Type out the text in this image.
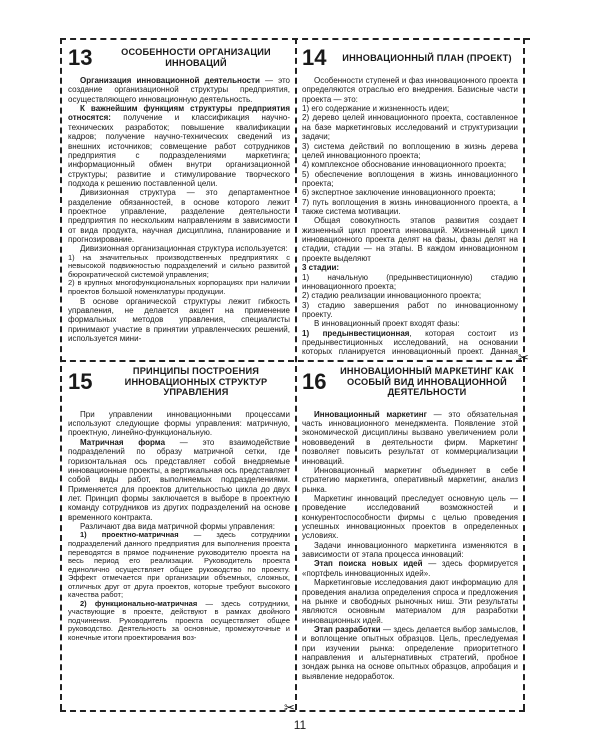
✂
✂
13	ОСОБЕННОСТИ ОРГАНИЗАЦИИ ИННОВАЦИЙ

Организация инновационной деятельности — это создание организационной структуры предприятия, осуществляющего инновационную деятельность.

К важнейшим функциям структуры предприятия относятся: получение и классификация научно-технических разработок; повышение квалификации кадров; получение научно-технических сведений из внешних источников; совмещение работ сотрудников предприятия с подразделениями маркетинга; информационный обмен внутри организационной структуры; развитие и стимулирование творческого подхода к решению поставленной цели.

Дивизионная структура — это департаментное разделение обязанностей, в основе которого лежит проектное управление, разделение деятельности предприятия по нескольким направлениям в зависимости от вида продукта, научная дисциплина, планирование и прогнозирование.

Дивизионная организационная структура используется:

1) на значительных производственных предприятиях с невысокой подвижностью подразделений и сильно развитой бюрократической системой управления;

2) в крупных многофункциональных корпорациях при наличии проектов большой номенклатуры продукции.

В основе органической структуры лежит гибкость управления, не делается акцент на применение формальных методов управления, специалисты принимают участие в принятии управленческих решений, используется мини-

14	ИННОВАЦИОННЫЙ ПЛАН (ПРОЕКТ)

Особенности ступеней и фаз инновационного проекта определяются отраслью его внедрения. Базисные части проекта — это:

1) его содержание и жизненность идеи;

2) дерево целей инновационного проекта, составленное на базе маркетинговых исследований и структуризации задачи;

3) система действий по воплощению в жизнь дерева целей инновационного проекта;

4) комплексное обоснование инновационного проекта;

5) обеспечение воплощения в жизнь инновационного проекта;

6) экспертное заключение инновационного проекта;

7) путь воплощения в жизнь инновационного проекта, а также система мотивации.

Общая совокупность этапов развития создает жизненный цикл проекта инноваций. Жизненный цикл инновационного проекта делят на фазы, фазы делят на стадии, стадии — на этапы. В каждом инновационном проекте выделяют

3 стадии:

1) начальную (предынвестиционную) стадию инновационного проекта;

2) стадию реализации инновационного проекта;

3) стадию завершения работ по инновационному проекту.

В инновационный проект входят фазы:

1) предынвестиционная, которая состоит из предынвестиционных исследований, на основании которых планируется инновационный проект. Данная

15	ПРИНЦИПЫ ПОСТРОЕНИЯ ИННОВАЦИОННЫХ СТРУКТУР УПРАВЛЕНИЯ

При управлении инновационными процессами используют следующие формы управления: матричную, проектную, линейно-функциональную.

Матричная форма — это взаимодействие подразделений по образу матричной сетки, где горизонтальная ось представляет собой внедряемые инновационные проекты, а вертикальная ось представляет собой виды работ, выполняемых подразделениями. Применяется для проектов длительностью цикла до двух лет. Принцип формы заключается в выборе в проектную команду сотрудников из других подразделений на основе временного контракта.

Различают два вида матричной формы управления:

1) проектно-матричная — здесь сотрудники подразделений данного предприятия для выполнения проекта переводятся в прямое подчинение руководителю проекта на весь период его реализации. Руководитель проекта единолично осуществляет общее руководство по проекту. Эффект отмечается при организации объемных, сложных, отличных друг от друга проектов, которые требуют высокого качества работ;

2) функционально-матричная — здесь сотрудники, участвующие в проекте, действуют в рамках двойного подчинения. Руководитель проекта осуществляет общее руководство. Деятельность за основные, промежуточные и конечные итоги проектирования воз-

16	ИННОВАЦИОННЫЙ МАРКЕТИНГ КАК ОСОБЫЙ ВИД ИННОВАЦИОННОЙ ДЕЯТЕЛЬНОСТИ

Инновационный маркетинг — это обязательная часть инновационного менеджмента. Появление этой экономической дисциплины вызвано увеличением роли нововведений в деятельности фирм. Маркетинг позволяет повысить результат от коммерциализации инноваций.

Инновационный маркетинг объединяет в себе стратегию маркетинга, оперативный маркетинг, анализ рынка.

Маркетинг инноваций преследует основную цель — проведение исследований возможностей и конкурентоспособности фирмы с целью проведения успешных инновационных проектов в определенных условиях.

Задачи инновационного маркетинга изменяются в зависимости от этапа процесса инноваций:

Этап поиска новых идей — здесь формируется «портфель инновационных идей».

Маркетинговые исследования дают информацию для проведения анализа определения спроса и предложения на рынке и свободных рыночных ниш. Эти результаты являются основным материалом для разработки инновационных идей.

Этап разработки — здесь делается выбор замыслов, и воплощение опытных образцов. Цель, преследуемая при изучении рынка: определение приоритетного направления и альтернативных стратегий, пробное зондаж рынка на основе опытных образцов, апробация и выявление недоработок.

11
